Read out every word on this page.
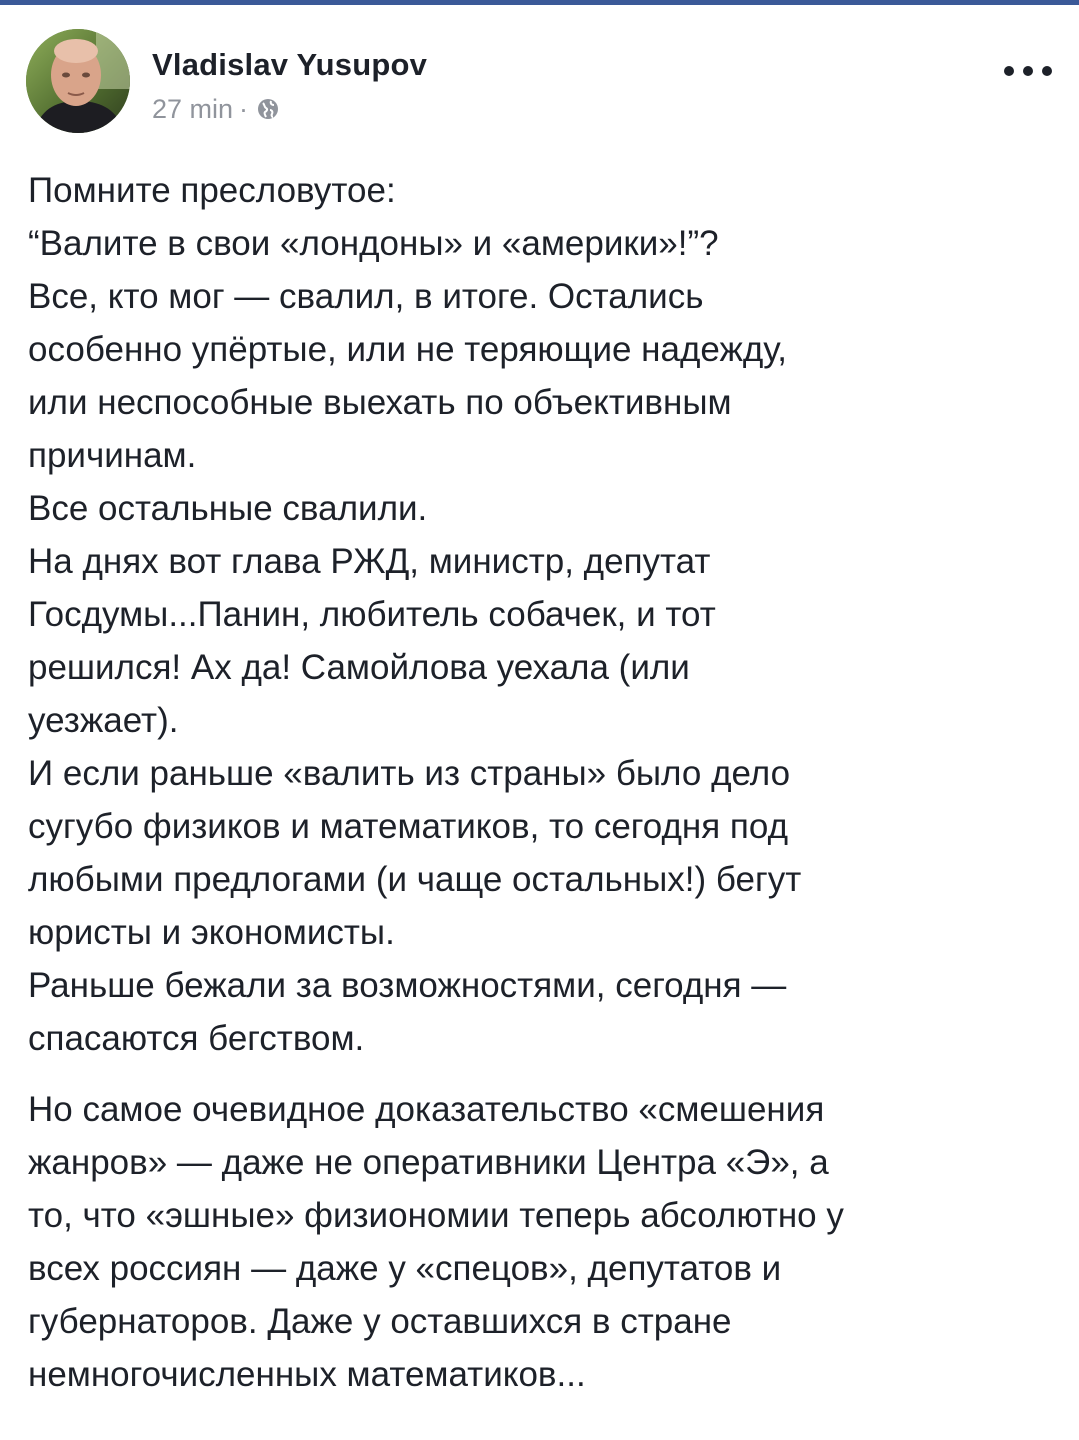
Vladislav Yusupov
27 min ·

Помните пресловутое:
“Валите в свои «лондоны» и «америки»!”?
Все, кто мог — свалил, в итоге. Остались
особенно упёртые, или не теряющие надежду,
или неспособные выехать по объективным
причинам.
Все остальные свалили.
На днях вот глава РЖД, министр, депутат
Госдумы...Панин, любитель собачек, и тот
решился! Ах да! Самойлова уехала (или
уезжает).
И если раньше «валить из страны» было дело
сугубо физиков и математиков, то сегодня под
любыми предлогами (и чаще остальных!) бегут
юристы и экономисты.
Раньше бежали за возможностями, сегодня —
спасаются бегством.

Но самое очевидное доказательство «смешения
жанров» — даже не оперативники Центра «Э», а
то, что «эшные» физиономии теперь абсолютно у
всех россиян — даже у «спецов», депутатов и
губернаторов. Даже у оставшихся в стране
немногочисленных математиков...
